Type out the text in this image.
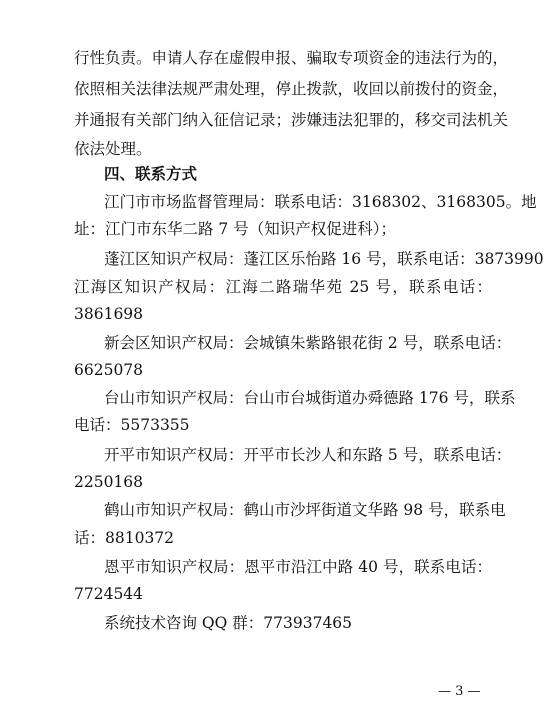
行性负责。申请人存在虚假申报、骗取专项资金的违法行为的，
依照相关法律法规严肃处理，停止拨款，收回以前拨付的资金，
并通报有关部门纳入征信记录；涉嫌违法犯罪的，移交司法机关
依法处理。
四、联系方式
江门市市场监督管理局：联系电话：3168302、3168305。地
址：江门市东华二路 7 号（知识产权促进科）；
蓬江区知识产权局：蓬江区乐怡路 16 号，联系电话：3873990
江海区知识产权局：江海二路瑞华苑 25 号，联系电话：
3861698
新会区知识产权局：会城镇朱紫路银花街 2 号，联系电话：
6625078
台山市知识产权局：台山市台城街道办舜德路 176 号，联系
电话：5573355
开平市知识产权局：开平市长沙人和东路 5 号，联系电话：
2250168
鹤山市知识产权局：鹤山市沙坪街道文华路 98 号，联系电
话：8810372
恩平市知识产权局：恩平市沿江中路 40 号，联系电话：
7724544
系统技术咨询 QQ 群：773937465
— 3 —
